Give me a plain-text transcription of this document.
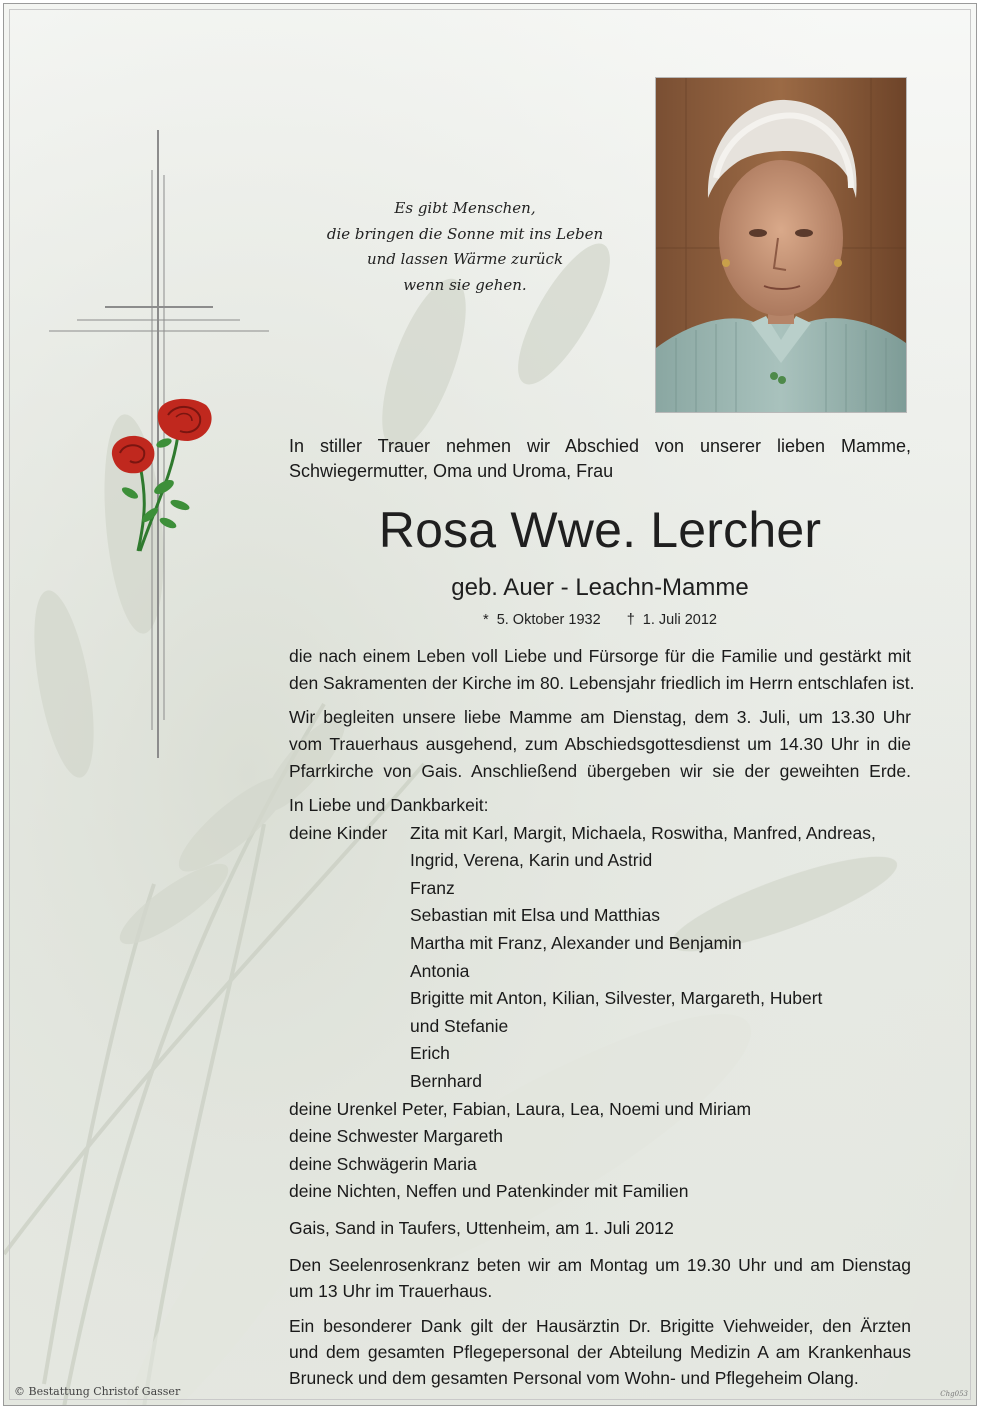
Es gibt Menschen,
die bringen die Sonne mit ins Leben
und lassen Wärme zurück
wenn sie gehen.
In stiller Trauer nehmen wir Abschied von unserer lieben Mamme,
Schwiegermutter, Oma und Uroma, Frau
Rosa Wwe. Lercher
geb. Auer - Leachn-Mamme
* 5. Oktober 1932 † 1. Juli 2012
die nach einem Leben voll Liebe und Fürsorge für die Familie und gestärkt mit
den Sakramenten der Kirche im 80. Lebensjahr friedlich im Herrn entschlafen ist.
Wir begleiten unsere liebe Mamme am Dienstag, dem 3. Juli, um 13.30 Uhr
vom Trauerhaus ausgehend, zum Abschiedsgottesdienst um 14.30 Uhr in die
Pfarrkirche von Gais. Anschließend übergeben wir sie der geweihten Erde.
In Liebe und Dankbarkeit:
deine Kinder	Zita mit Karl, Margit, Michaela, Roswitha, Manfred, Andreas,
Ingrid, Verena, Karin und Astrid
Franz
Sebastian mit Elsa und Matthias
Martha mit Franz, Alexander und Benjamin
Antonia
Brigitte mit Anton, Kilian, Silvester, Margareth, Hubert
und Stefanie
Erich
Bernhard
deine Urenkel Peter, Fabian, Laura, Lea, Noemi und Miriam
deine Schwester Margareth
deine Schwägerin Maria
deine Nichten, Neffen und Patenkinder mit Familien
Gais, Sand in Taufers, Uttenheim, am 1. Juli 2012
Den Seelenrosenkranz beten wir am Montag um 19.30 Uhr und am Dienstag
um 13 Uhr im Trauerhaus.
Ein besonderer Dank gilt der Hausärztin Dr. Brigitte Viehweider, den Ärzten
und dem gesamten Pflegepersonal der Abteilung Medizin A am Krankenhaus
Bruneck und dem gesamten Personal vom Wohn- und Pflegeheim Olang.
© Bestattung Christof Gasser	Chg053
